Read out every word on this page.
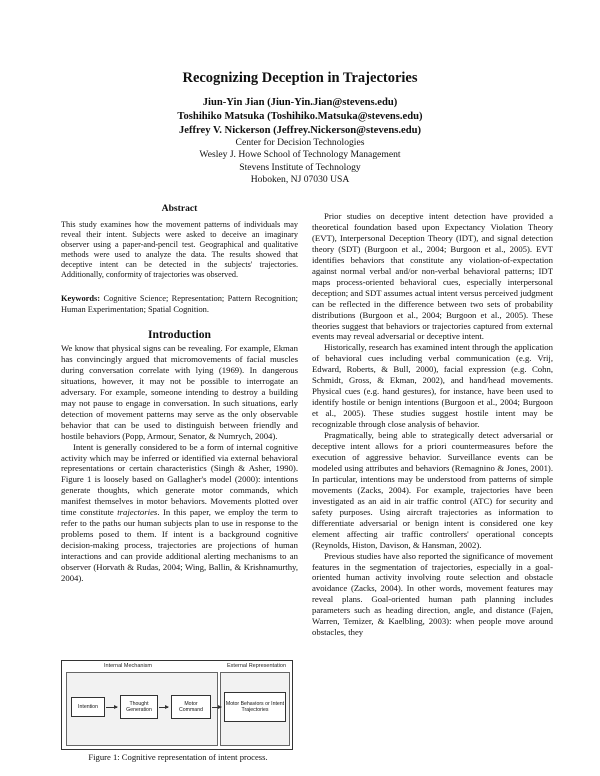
Recognizing Deception in Trajectories
Jiun-Yin Jian (Jiun-Yin.Jian@stevens.edu)
Toshihiko Matsuka (Toshihiko.Matsuka@stevens.edu)
Jeffrey V. Nickerson (Jeffrey.Nickerson@stevens.edu)
Center for Decision Technologies
Wesley J. Howe School of Technology Management
Stevens Institute of Technology
Hoboken, NJ 07030 USA
Abstract
This study examines how the movement patterns of individuals may reveal their intent. Subjects were asked to deceive an imaginary observer using a paper-and-pencil test. Geographical and qualitative methods were used to analyze the data. The results showed that deceptive intent can be detected in the subjects' trajectories. Additionally, conformity of trajectories was observed.
Keywords: Cognitive Science; Representation; Pattern Recognition; Human Experimentation; Spatial Cognition.
Introduction

We know that physical signs can be revealing. For example, Ekman has convincingly argued that micromovements of facial muscles during conversation correlate with lying (1969). In dangerous situations, however, it may not be possible to interrogate an adversary. For example, someone intending to destroy a building may not pause to engage in conversation. In such situations, early detection of movement patterns may serve as the only observable behavior that can be used to distinguish between friendly and hostile behaviors (Popp, Armour, Senator, & Numrych, 2004).

Intent is generally considered to be a form of internal cognitive activity which may be inferred or identified via external behavioral representations or certain characteristics (Singh & Asher, 1990). Figure 1 is loosely based on Gallagher's model (2000): intentions generate thoughts, which generate motor commands, which manifest themselves in motor behaviors. Movements plotted over time constitute trajectories. In this paper, we employ the term to refer to the paths our human subjects plan to use in response to the problems posed to them. If intent is a background cognitive decision-making process, trajectories are projections of human interactions and can provide additional alerting mechanisms to an observer (Horvath & Rudas, 2004; Wing, Ballin, & Krishnamurthy, 2004).

Internal Mechanism	External Representation
Intention
Thought Generation
Motor Command
Motor Behaviors or Intent Trajectories
Figure 1: Cognitive representation of intent process.

Prior studies on deceptive intent detection have provided a theoretical foundation based upon Expectancy Violation Theory (EVT), Interpersonal Deception Theory (IDT), and signal detection theory (SDT) (Burgoon et al., 2004; Burgoon et al., 2005). EVT identifies behaviors that constitute any violation-of-expectation against normal verbal and/or non-verbal behavioral patterns; IDT maps process-oriented behavioral cues, especially interpersonal deception; and SDT assumes actual intent versus perceived judgment can be reflected in the difference between two sets of probability distributions (Burgoon et al., 2004; Burgoon et al., 2005). These theories suggest that behaviors or trajectories captured from external events may reveal adversarial or deceptive intent.

Historically, research has examined intent through the application of behavioral cues including verbal communication (e.g. Vrij, Edward, Roberts, & Bull, 2000), facial expression (e.g. Cohn, Schmidt, Gross, & Ekman, 2002), and hand/head movements. Physical cues (e.g. hand gestures), for instance, have been used to identify hostile or benign intentions (Burgoon et al., 2004; Burgoon et al., 2005). These studies suggest hostile intent may be recognizable through close analysis of behavior.

Pragmatically, being able to strategically detect adversarial or deceptive intent allows for a priori countermeasures before the execution of aggressive behavior. Surveillance events can be modeled using attributes and behaviors (Remagnino & Jones, 2001). In particular, intentions may be understood from patterns of simple movements (Zacks, 2004). For example, trajectories have been investigated as an aid in air traffic control (ATC) for security and safety purposes. Using aircraft trajectories as information to differentiate adversarial or benign intent is considered one key element affecting air traffic controllers' operational concepts (Reynolds, Histon, Davison, & Hansman, 2002).

Previous studies have also reported the significance of movement features in the segmentation of trajectories, especially in a goal-oriented human activity involving route selection and obstacle avoidance (Zacks, 2004). In other words, movement features may reveal plans. Goal-oriented human path planning includes parameters such as heading direction, angle, and distance (Fajen, Warren, Temizer, & Kaelbling, 2003): when people move around obstacles, they
